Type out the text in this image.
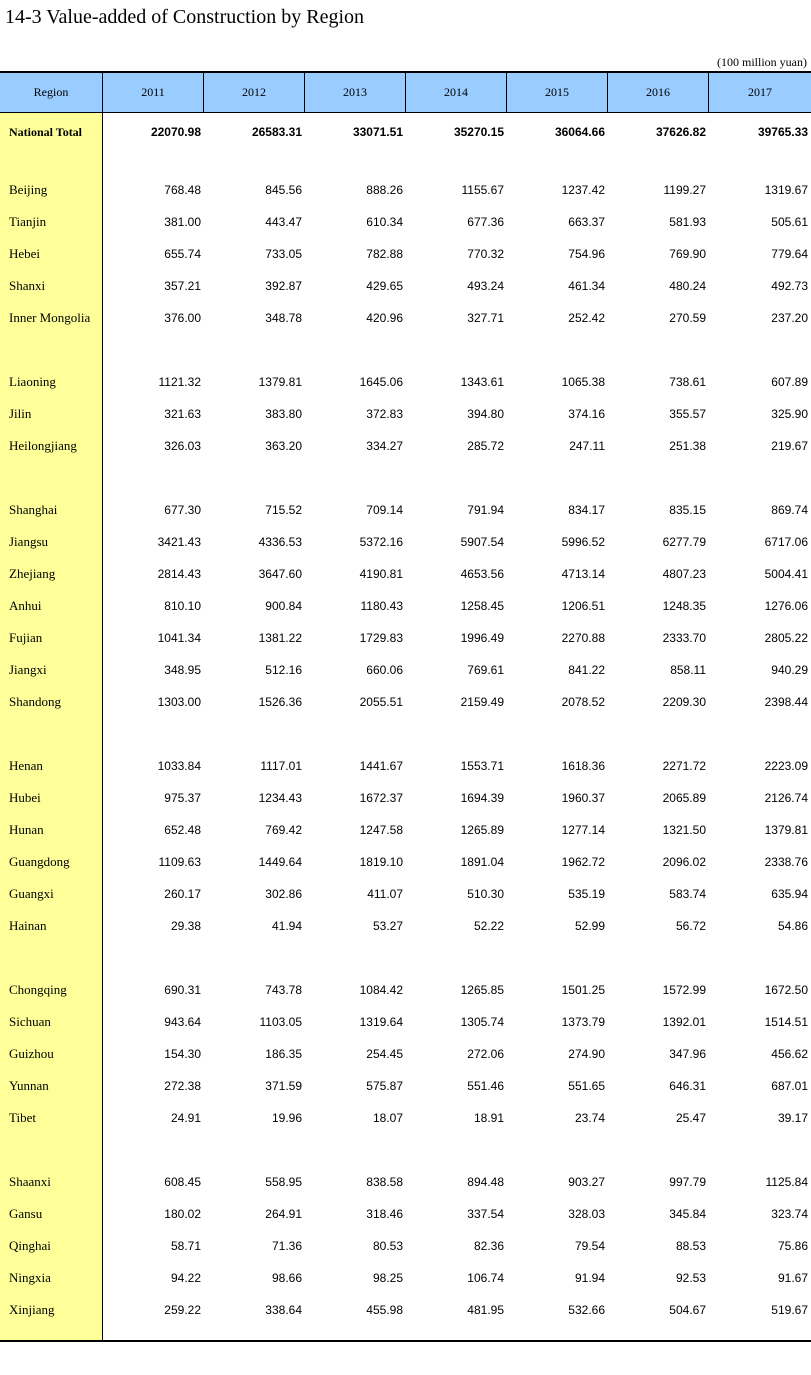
14-3 Value-added of Construction by Region
(100 million yuan)
Region	2011	2012	2013	2014	2015	2016	2017
National Total	22070.98	26583.31	33071.51	35270.15	36064.66	37626.82	39765.33
Beijing	768.48	845.56	888.26	1155.67	1237.42	1199.27	1319.67
Tianjin	381.00	443.47	610.34	677.36	663.37	581.93	505.61
Hebei	655.74	733.05	782.88	770.32	754.96	769.90	779.64
Shanxi	357.21	392.87	429.65	493.24	461.34	480.24	492.73
Inner Mongolia	376.00	348.78	420.96	327.71	252.42	270.59	237.20
Liaoning	1121.32	1379.81	1645.06	1343.61	1065.38	738.61	607.89
Jilin	321.63	383.80	372.83	394.80	374.16	355.57	325.90
Heilongjiang	326.03	363.20	334.27	285.72	247.11	251.38	219.67
Shanghai	677.30	715.52	709.14	791.94	834.17	835.15	869.74
Jiangsu	3421.43	4336.53	5372.16	5907.54	5996.52	6277.79	6717.06
Zhejiang	2814.43	3647.60	4190.81	4653.56	4713.14	4807.23	5004.41
Anhui	810.10	900.84	1180.43	1258.45	1206.51	1248.35	1276.06
Fujian	1041.34	1381.22	1729.83	1996.49	2270.88	2333.70	2805.22
Jiangxi	348.95	512.16	660.06	769.61	841.22	858.11	940.29
Shandong	1303.00	1526.36	2055.51	2159.49	2078.52	2209.30	2398.44
Henan	1033.84	1117.01	1441.67	1553.71	1618.36	2271.72	2223.09
Hubei	975.37	1234.43	1672.37	1694.39	1960.37	2065.89	2126.74
Hunan	652.48	769.42	1247.58	1265.89	1277.14	1321.50	1379.81
Guangdong	1109.63	1449.64	1819.10	1891.04	1962.72	2096.02	2338.76
Guangxi	260.17	302.86	411.07	510.30	535.19	583.74	635.94
Hainan	29.38	41.94	53.27	52.22	52.99	56.72	54.86
Chongqing	690.31	743.78	1084.42	1265.85	1501.25	1572.99	1672.50
Sichuan	943.64	1103.05	1319.64	1305.74	1373.79	1392.01	1514.51
Guizhou	154.30	186.35	254.45	272.06	274.90	347.96	456.62
Yunnan	272.38	371.59	575.87	551.46	551.65	646.31	687.01
Tibet	24.91	19.96	18.07	18.91	23.74	25.47	39.17
Shaanxi	608.45	558.95	838.58	894.48	903.27	997.79	1125.84
Gansu	180.02	264.91	318.46	337.54	328.03	345.84	323.74
Qinghai	58.71	71.36	80.53	82.36	79.54	88.53	75.86
Ningxia	94.22	98.66	98.25	106.74	91.94	92.53	91.67
Xinjiang	259.22	338.64	455.98	481.95	532.66	504.67	519.67
